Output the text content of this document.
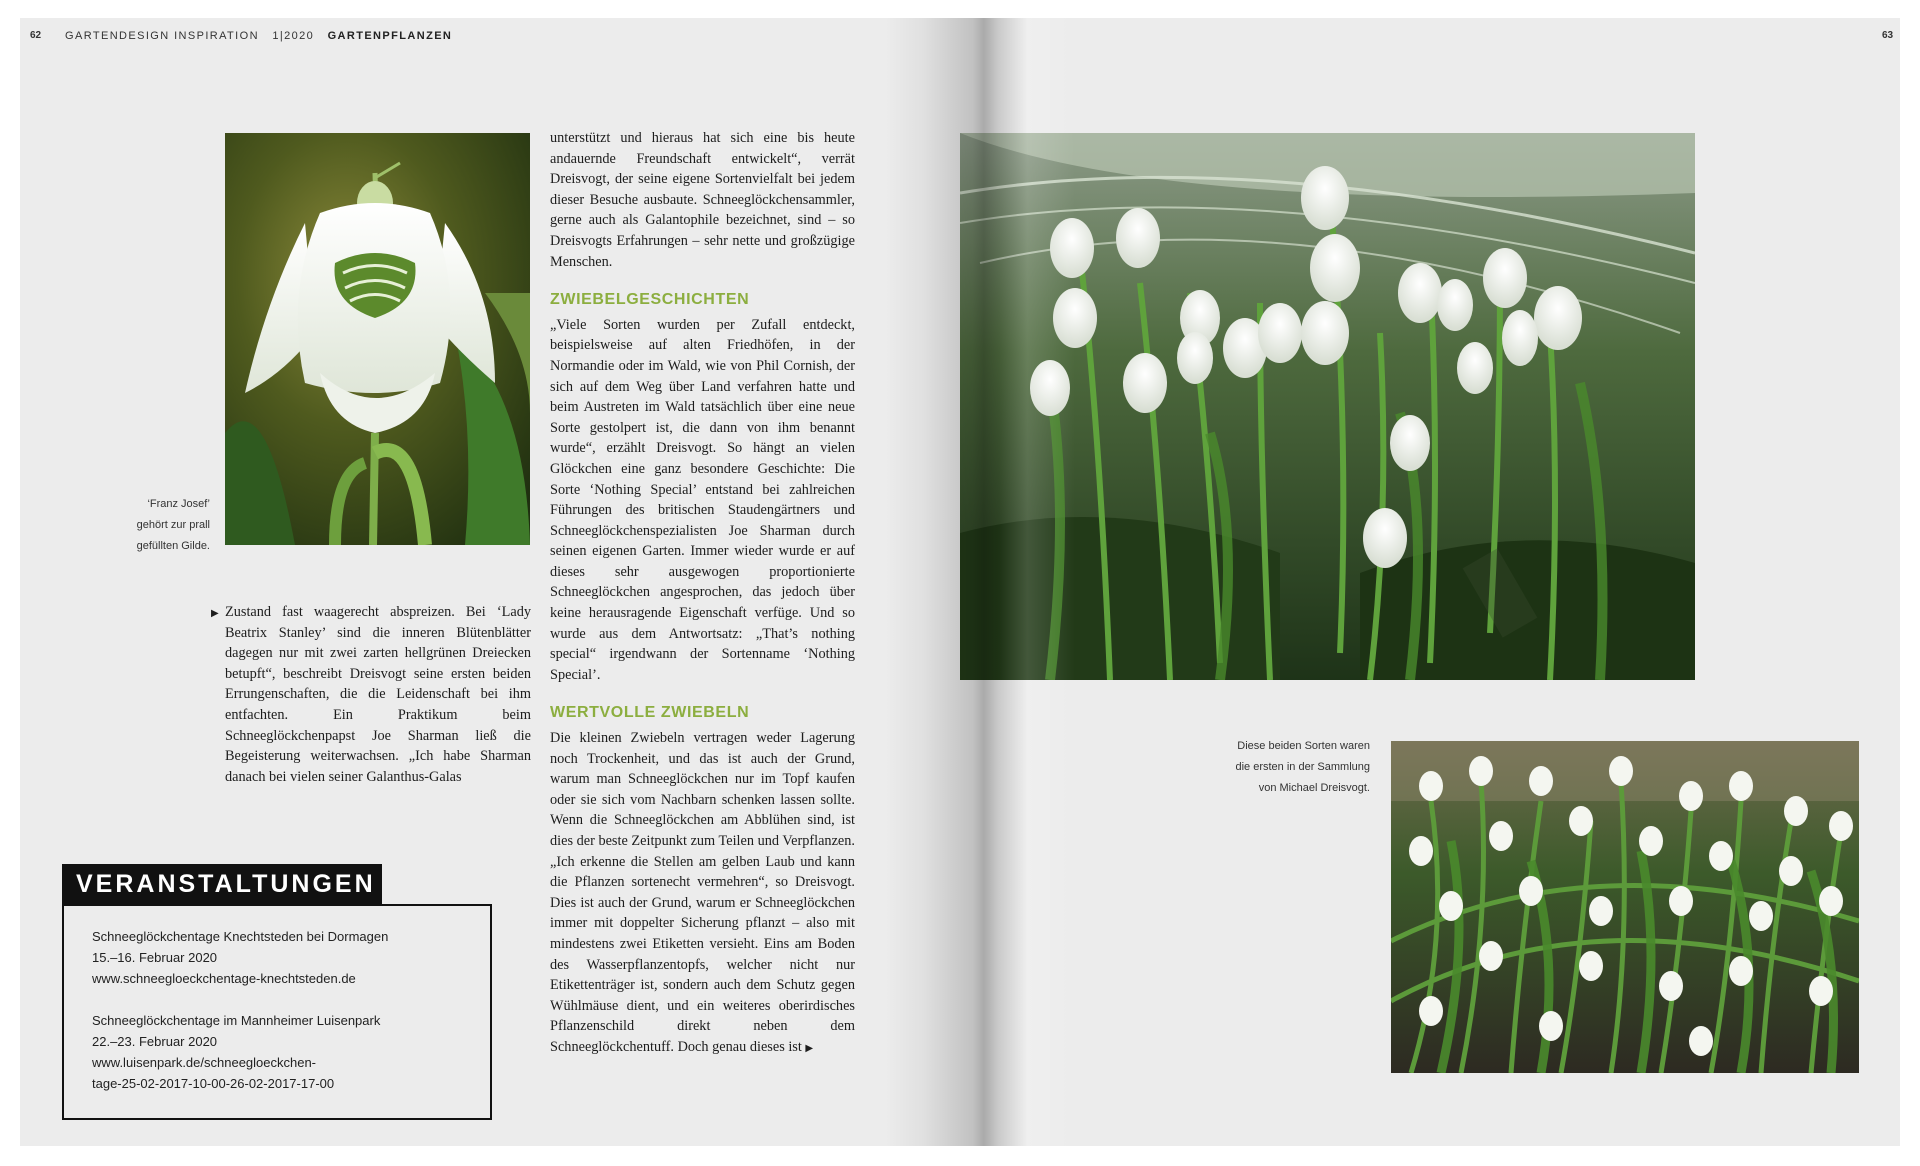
62 GARTENDESIGN INSPIRATION 1|2020 GARTENPFLANZEN	63
‘Franz Josef’
gehört zur prall
gefüllten Gilde.
▶ Zustand fast waagerecht abspreizen. Bei ‘Lady Beatrix Stanley’ sind die inneren Blütenblätter dagegen nur mit zwei zarten hellgrünen Dreiecken betupft“, beschreibt Dreisvogt seine ersten beiden Errungenschaften, die die Leidenschaft bei ihm entfachten. Ein Praktikum beim Schneeglöckchenpapst Joe Sharman ließ die Begeisterung weiterwachsen. „Ich habe Sharman danach bei vielen seiner Galanthus-Galas

unterstützt und hieraus hat sich eine bis heute andauernde Freundschaft entwickelt“, verrät Dreisvogt, der seine eigene Sortenvielfalt bei jedem dieser Besuche ausbaute. Schneeglöckchensammler, gerne auch als Galantophile bezeichnet, sind – so Dreisvogts Erfahrungen – sehr nette und großzügige Menschen.

ZWIEBELGESCHICHTEN

„Viele Sorten wurden per Zufall entdeckt, beispielsweise auf alten Friedhöfen, in der Normandie oder im Wald, wie von Phil Cornish, der sich auf dem Weg über Land verfahren hatte und beim Austreten im Wald tatsächlich über eine neue Sorte gestolpert ist, die dann von ihm benannt wurde“, erzählt Dreisvogt. So hängt an vielen Glöckchen eine ganz besondere Geschichte: Die Sorte ‘Nothing Special’ entstand bei zahlreichen Führungen des britischen Staudengärtners und Schneeglöckchenspezialisten Joe Sharman durch seinen eigenen Garten. Immer wieder wurde er auf dieses sehr ausgewogen proportionierte Schneeglöckchen angesprochen, das jedoch über keine herausragende Eigenschaft verfüge. Und so wurde aus dem Antwortsatz: „That’s nothing special“ irgendwann der Sortenname ‘Nothing Special’.

WERTVOLLE ZWIEBELN

Die kleinen Zwiebeln vertragen weder Lagerung noch Trockenheit, und das ist auch der Grund, warum man Schneeglöckchen nur im Topf kaufen oder sie sich vom Nachbarn schenken lassen sollte. Wenn die Schneeglöckchen am Abblühen sind, ist dies der beste Zeitpunkt zum Teilen und Verpflanzen. „Ich erkenne die Stellen am gelben Laub und kann die Pflanzen sortenecht vermehren“, so Dreisvogt. Dies ist auch der Grund, warum er Schneeglöckchen immer mit doppelter Sicherung pflanzt – also mit mindestens zwei Etiketten versieht. Eins am Boden des Wasserpflanzentopfs, welcher nicht nur Etikettenträger ist, sondern auch dem Schutz gegen Wühlmäuse dient, und ein weiteres oberirdisches Pflanzenschild direkt neben dem Schneeglöckchentuff. Doch genau dieses ist ▶

VERANSTALTUNGEN
Schneeglöckchentage Knechtsteden bei Dormagen
15.–16. Februar 2020
www.schneegloeckchentage-knechtsteden.de
Schneeglöckchentage im Mannheimer Luisenpark
22.–23. Februar 2020
www.luisenpark.de/schneegloeckchen-
tage-25-02-2017-10-00-26-02-2017-17-00
Diese beiden Sorten waren
die ersten in der Sammlung
von Michael Dreisvogt.
